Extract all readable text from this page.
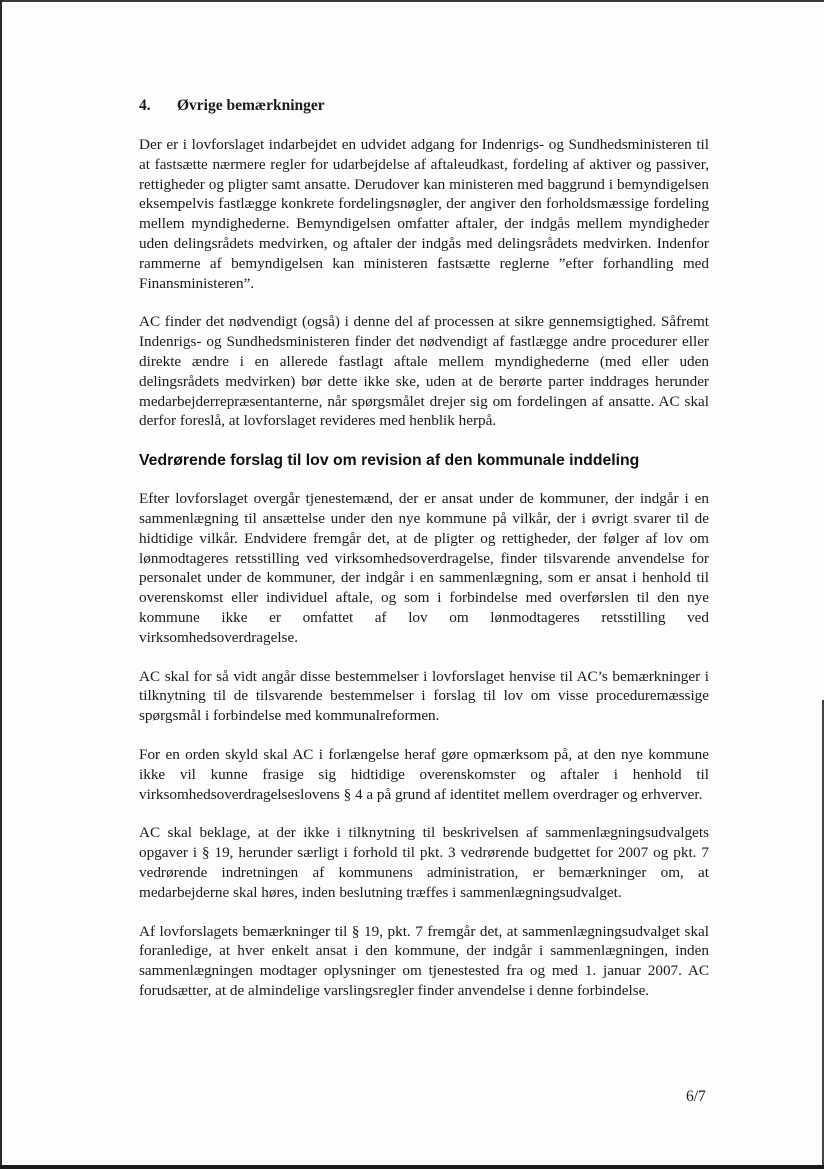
4. Øvrige bemærkninger

Der er i lovforslaget indarbejdet en udvidet adgang for Indenrigs- og Sundhedsministeren til at fastsætte nærmere regler for udarbejdelse af aftaleudkast, fordeling af aktiver og passiver, rettigheder og pligter samt ansatte. Derudover kan ministeren med baggrund i bemyndigelsen eksempelvis fastlægge konkrete fordelingsnøgler, der angiver den forholdsmæssige fordeling mellem myndighederne. Bemyndigelsen omfatter aftaler, der indgås mellem myndigheder uden delingsrådets medvirken, og aftaler der indgås med delingsrådets medvirken. Indenfor rammerne af bemyndigelsen kan ministeren fastsætte reglerne ”efter forhandling med Finansministeren”.

AC finder det nødvendigt (også) i denne del af processen at sikre gennemsigtighed. Såfremt Indenrigs- og Sundhedsministeren finder det nødvendigt af fastlægge andre procedurer eller direkte ændre i en allerede fastlagt aftale mellem myndighederne (med eller uden delingsrådets medvirken) bør dette ikke ske, uden at de berørte parter inddrages herunder medarbejderrepræsentanterne, når spørgsmålet drejer sig om fordelingen af ansatte. AC skal derfor foreslå, at lovforslaget revideres med henblik herpå.

Vedrørende forslag til lov om revision af den kommunale inddeling

Efter lovforslaget overgår tjenestemænd, der er ansat under de kommuner, der indgår i en sammenlægning til ansættelse under den nye kommune på vilkår, der i øvrigt svarer til de hidtidige vilkår. Endvidere fremgår det, at de pligter og rettigheder, der følger af lov om lønmodtageres retsstilling ved virksomhedsoverdragelse, finder tilsvarende anvendelse for personalet under de kommuner, der indgår i en sammenlægning, som er ansat i henhold til overenskomst eller individuel aftale, og som i forbindelse med overførslen til den nye kommune ikke er omfattet af lov om lønmodtageres retsstilling ved virksomhedsoverdragelse.

AC skal for så vidt angår disse bestemmelser i lovforslaget henvise til AC’s bemærkninger i tilknytning til de tilsvarende bestemmelser i forslag til lov om visse proceduremæssige spørgsmål i forbindelse med kommunalreformen.

For en orden skyld skal AC i forlængelse heraf gøre opmærksom på, at den nye kommune ikke vil kunne frasige sig hidtidige overenskomster og aftaler i henhold til virksomhedsoverdragelseslovens § 4 a på grund af identitet mellem overdrager og erhverver.

AC skal beklage, at der ikke i tilknytning til beskrivelsen af sammenlægningsudvalgets opgaver i § 19, herunder særligt i forhold til pkt. 3 vedrørende budgettet for 2007 og pkt. 7 vedrørende indretningen af kommunens administration, er bemærkninger om, at medarbejderne skal høres, inden beslutning træffes i sammenlægningsudvalget.

Af lovforslagets bemærkninger til § 19, pkt. 7 fremgår det, at sammenlægningsudvalget skal foranledige, at hver enkelt ansat i den kommune, der indgår i sammenlægningen, inden sammenlægningen modtager oplysninger om tjenestested fra og med 1. januar 2007. AC forudsætter, at de almindelige varslingsregler finder anvendelse i denne forbindelse.

6/7
